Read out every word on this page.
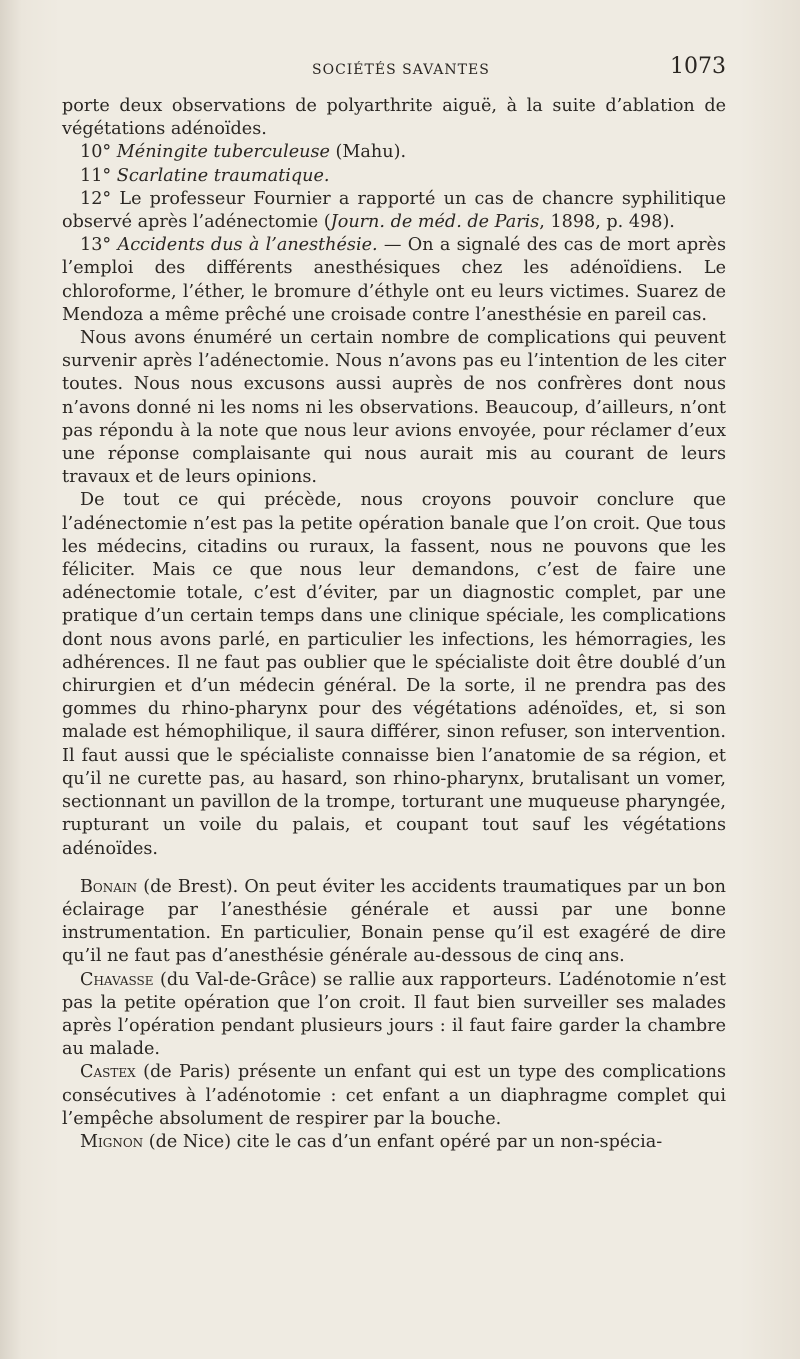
SOCIÉTÉS SAVANTES	1073

porte deux observations de polyarthrite aiguë, à la suite d’ablation de végétations adénoïdes.

10° Méningite tuberculeuse (Mahu).

11° Scarlatine traumatique.

12° Le professeur Fournier a rapporté un cas de chancre syphilitique observé après l’adénectomie (Journ. de méd. de Paris, 1898, p. 498).

13° Accidents dus à l’anesthésie. — On a signalé des cas de mort après l’emploi des différents anesthésiques chez les adénoïdiens. Le chloroforme, l’éther, le bromure d’éthyle ont eu leurs victimes. Suarez de Mendoza a même prêché une croisade contre l’anesthésie en pareil cas.

Nous avons énuméré un certain nombre de complications qui peuvent survenir après l’adénectomie. Nous n’avons pas eu l’intention de les citer toutes. Nous nous excusons aussi auprès de nos confrères dont nous n’avons donné ni les noms ni les observations. Beaucoup, d’ailleurs, n’ont pas répondu à la note que nous leur avions envoyée, pour réclamer d’eux une réponse complaisante qui nous aurait mis au courant de leurs travaux et de leurs opinions.

De tout ce qui précède, nous croyons pouvoir conclure que l’adénectomie n’est pas la petite opération banale que l’on croit. Que tous les médecins, citadins ou ruraux, la fassent, nous ne pouvons que les féliciter. Mais ce que nous leur demandons, c’est de faire une adénectomie totale, c’est d’éviter, par un diagnostic complet, par une pratique d’un certain temps dans une clinique spéciale, les complications dont nous avons parlé, en particulier les infections, les hémorragies, les adhérences. Il ne faut pas oublier que le spécialiste doit être doublé d’un chirurgien et d’un médecin général. De la sorte, il ne prendra pas des gommes du rhino-pharynx pour des végétations adénoïdes, et, si son malade est hémophilique, il saura différer, sinon refuser, son intervention. Il faut aussi que le spécialiste connaisse bien l’anatomie de sa région, et qu’il ne curette pas, au hasard, son rhino-pharynx, brutalisant un vomer, sectionnant un pavillon de la trompe, torturant une muqueuse pharyngée, rupturant un voile du palais, et coupant tout sauf les végétations adénoïdes.

Bonain (de Brest). On peut éviter les accidents traumatiques par un bon éclairage par l’anesthésie générale et aussi par une bonne instrumentation. En particulier, Bonain pense qu’il est exagéré de dire qu’il ne faut pas d’anesthésie générale au-dessous de cinq ans.

Chavasse (du Val-de-Grâce) se rallie aux rapporteurs. L’adénotomie n’est pas la petite opération que l’on croit. Il faut bien surveiller ses malades après l’opération pendant plusieurs jours : il faut faire garder la chambre au malade.

Castex (de Paris) présente un enfant qui est un type des complications consécutives à l’adénotomie : cet enfant a un diaphragme complet qui l’empêche absolument de respirer par la bouche.

Mignon (de Nice) cite le cas d’un enfant opéré par un non-spécia-
